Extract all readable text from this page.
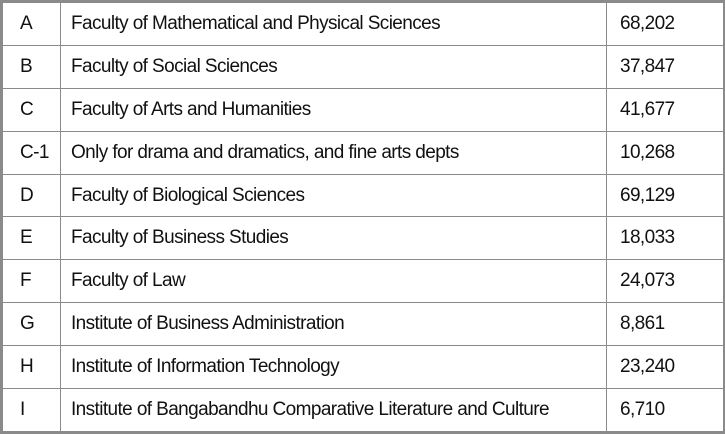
A	Faculty of Mathematical and Physical Sciences	68,202
B	Faculty of Social Sciences	37,847
C	Faculty of Arts and Humanities	41,677
C-1	Only for drama and dramatics, and fine arts depts	10,268
D	Faculty of Biological Sciences	69,129
E	Faculty of Business Studies	18,033
F	Faculty of Law	24,073
G	Institute of Business Administration	8,861
H	Institute of Information Technology	23,240
I	Institute of Bangabandhu Comparative Literature and Culture	6,710
